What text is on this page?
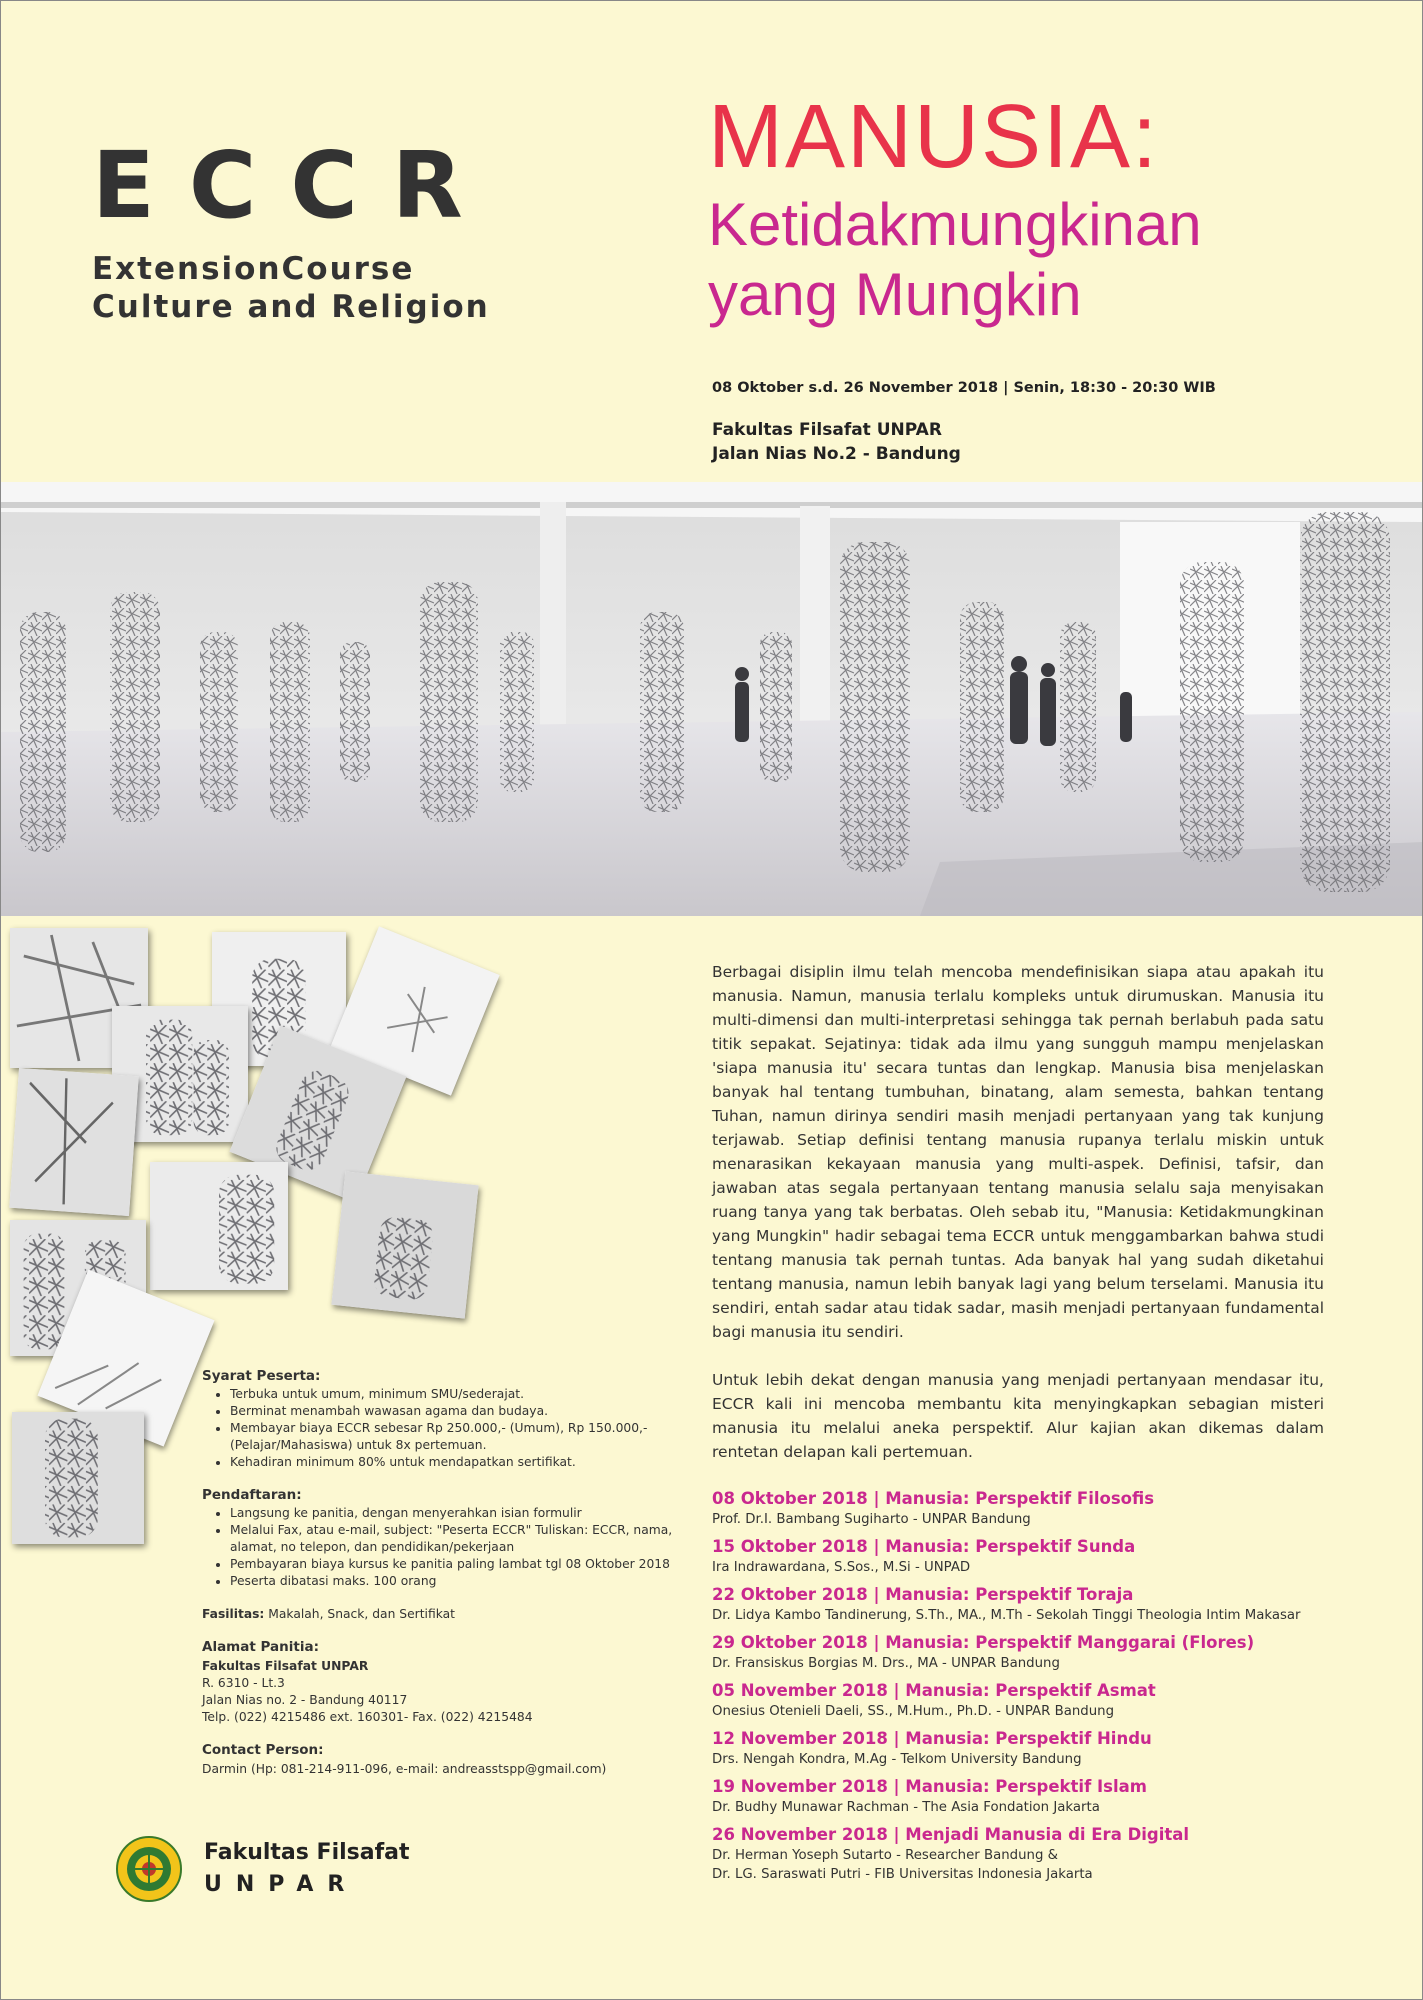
ECCR
ExtensionCourse
Culture and Religion
MANUSIA:
Ketidakmungkinan
yang Mungkin
08 Oktober s.d. 26 November 2018 | Senin, 18:30 - 20:30 WIB
Fakultas Filsafat UNPAR
Jalan Nias No.2 - Bandung

Berbagai disiplin ilmu telah mencoba mendefinisikan siapa atau apakah itu manusia. Namun, manusia terlalu kompleks untuk dirumuskan. Manusia itu multi-dimensi dan multi-interpretasi sehingga tak pernah berlabuh pada satu titik sepakat. Sejatinya: tidak ada ilmu yang sungguh mampu menjelaskan 'siapa manusia itu' secara tuntas dan lengkap. Manusia bisa menjelaskan banyak hal tentang tumbuhan, binatang, alam semesta, bahkan tentang Tuhan, namun dirinya sendiri masih menjadi pertanyaan yang tak kunjung terjawab. Setiap definisi tentang manusia rupanya terlalu miskin untuk menarasikan kekayaan manusia yang multi-aspek. Definisi, tafsir, dan jawaban atas segala pertanyaan tentang manusia selalu saja menyisakan ruang tanya yang tak berbatas. Oleh sebab itu, "Manusia: Ketidakmungkinan yang Mungkin" hadir sebagai tema ECCR untuk menggambarkan bahwa studi tentang manusia tak pernah tuntas. Ada banyak hal yang sudah diketahui tentang manusia, namun lebih banyak lagi yang belum terselami. Manusia itu sendiri, entah sadar atau tidak sadar, masih menjadi pertanyaan fundamental bagi manusia itu sendiri.

Untuk lebih dekat dengan manusia yang menjadi pertanyaan mendasar itu, ECCR kali ini mencoba membantu kita menyingkapkan sebagian misteri manusia itu melalui aneka perspektif. Alur kajian akan dikemas dalam rentetan delapan kali pertemuan.

08 Oktober 2018 | Manusia: Perspektif Filosofis
Prof. Dr.I. Bambang Sugiharto - UNPAR Bandung
15 Oktober 2018 | Manusia: Perspektif Sunda
Ira Indrawardana, S.Sos., M.Si - UNPAD
22 Oktober 2018 | Manusia: Perspektif Toraja
Dr. Lidya Kambo Tandinerung, S.Th., MA., M.Th - Sekolah Tinggi Theologia Intim Makasar
29 Oktober 2018 | Manusia: Perspektif Manggarai (Flores)
Dr. Fransiskus Borgias M. Drs., MA - UNPAR Bandung
05 November 2018 | Manusia: Perspektif Asmat
Onesius Otenieli Daeli, SS., M.Hum., Ph.D. - UNPAR Bandung
12 November 2018 | Manusia: Perspektif Hindu
Drs. Nengah Kondra, M.Ag - Telkom University Bandung
19 November 2018 | Manusia: Perspektif Islam
Dr. Budhy Munawar Rachman - The Asia Fondation Jakarta
26 November 2018 | Menjadi Manusia di Era Digital
Dr. Herman Yoseph Sutarto - Researcher Bandung &
Dr. LG. Saraswati Putri - FIB Universitas Indonesia Jakarta
Syarat Peserta:
• Terbuka untuk umum, minimum SMU/sederajat.
• Berminat menambah wawasan agama dan budaya.
• Membayar biaya ECCR sebesar Rp 250.000,- (Umum), Rp 150.000,- (Pelajar/Mahasiswa) untuk 8x pertemuan.
• Kehadiran minimum 80% untuk mendapatkan sertifikat.
Pendaftaran:
• Langsung ke panitia, dengan menyerahkan isian formulir
• Melalui Fax, atau e-mail, subject: "Peserta ECCR" Tuliskan: ECCR, nama, alamat, no telepon, dan pendidikan/pekerjaan
• Pembayaran biaya kursus ke panitia paling lambat tgl 08 Oktober 2018
• Peserta dibatasi maks. 100 orang
Fasilitas: Makalah, Snack, dan Sertifikat
Alamat Panitia:
Fakultas Filsafat UNPAR
R. 6310 - Lt.3
Jalan Nias no. 2 - Bandung 40117
Telp. (022) 4215486 ext. 160301- Fax. (022) 4215484
Contact Person:
Darmin (Hp: 081-214-911-096, e-mail: andreasstspp@gmail.com)
Fakultas Filsafat
UNPAR
